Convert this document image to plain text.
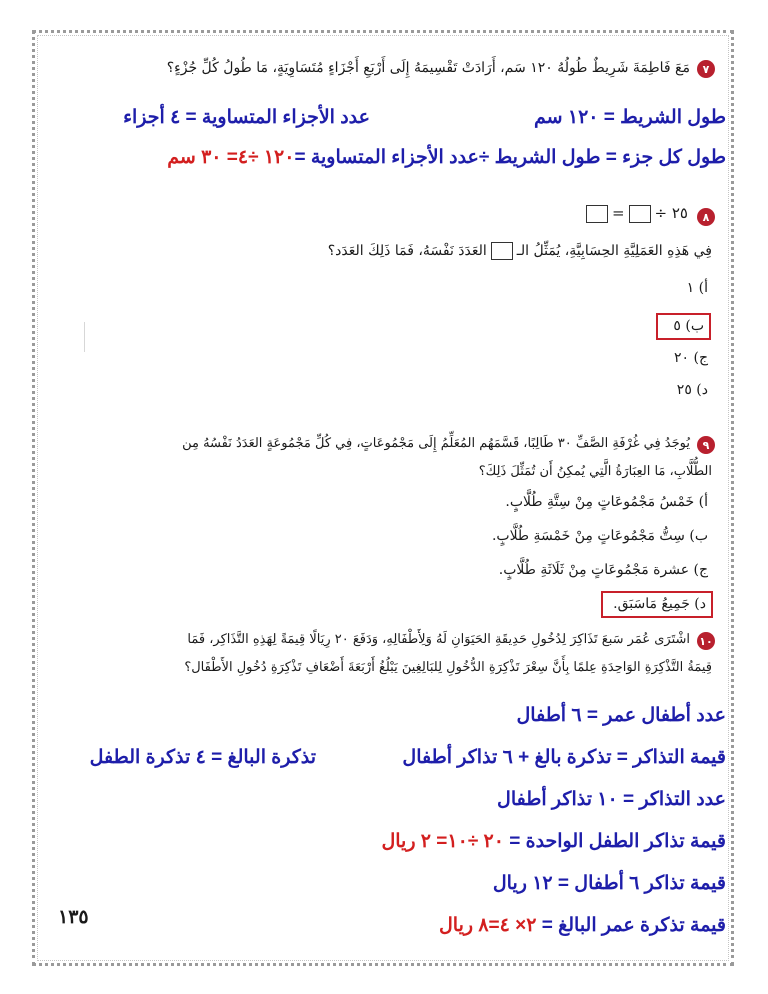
٧
مَعَ فَاطِمَةَ شَرِيطٌ طُولُهُ ١٢٠ سَم، أَرَادَتْ تَقْسِيمَهُ إِلَى أَرْبَعِ أَجْزَاءٍ مُتَسَاوِيَةٍ، مَا طُولُ كُلِّ جُزْءٍ؟
طول الشريط = ١٢٠ سم
عدد الأجزاء المتساوية = ٤ أجزاء
طول كل جزء = طول الشريط ÷عدد الأجزاء المتساوية =١٢٠ ÷٤= ٣٠ سم
٨
٢٥ ÷=
فِي هَذِهِ العَمَلِيَّةِ الحِسَابِيَّةِ، يُمَثِّلُ الـالعَدَدَ نَفْسَهُ، فَمَا ذَلِكَ العَدَد؟
أ) ١
ب) ٥
ج) ٢٠
د) ٢٥
٩
يُوجَدُ فِي غُرْفَةِ الصَّفِّ ٣٠ طَالِبًا، قَسَّمَهُم المُعَلِّمُ إِلَى مَجْمُوعَاتٍ، فِي كُلِّ مَجْمُوعَةٍ العَدَدُ نَفْسُهُ مِن
الطُّلَّابِ، مَا العِبَارَةُ الَّتِي يُمكِنُ أَن تُمَثِّلَ ذَلِكَ؟
أ) خَمْسُ مَجْمُوعَاتٍ مِنْ سِتَّةِ طُلَّابٍ.
ب) سِتُّ مَجْمُوعَاتٍ مِنْ خَمْسَةِ طُلَّابٍ.
ج) عشرة مَجْمُوعَاتٍ مِنْ ثَلَاثَةِ طُلَّابٍ.
د) جَمِيعُ مَاسَبَق.
١٠
اشْتَرَى عُمَر سَبعَ تَذَاكِرَ لِدُخُولِ حَدِيقَةِ الحَيَوَانِ لَهُ وَلِأَطْفَالِهِ، وَدَفَعَ ٢٠ رِيَالًا قِيمَةً لِهَذِهِ التَّذَاكِر، فَمَا
قِيمَةُ التَّذْكِرَةِ الوَاحِدَةِ عِلمًا بِأَنَّ سِعْرَ تَذْكِرَةِ الدُّخُولِ لِلبَالِغِينَ يَبْلُغُ أَرْبَعَةَ أَضْعَافِ تَذْكِرَةِ دُخُولِ الأَطْفَال؟
عدد أطفال عمر = ٦ أطفال
قيمة التذاكر = تذكرة بالغ + ٦ تذاكر أطفال
تذكرة البالغ = ٤ تذكرة الطفل
عدد التذاكر = ١٠ تذاكر أطفال
قيمة تذاكر الطفل الواحدة = ٢٠ ÷١٠= ٢ ريال
قيمة تذاكر ٦ أطفال = ١٢ ريال
قيمة تذكرة عمر البالغ = ٢× ٤=٨ ريال
١٣٥
